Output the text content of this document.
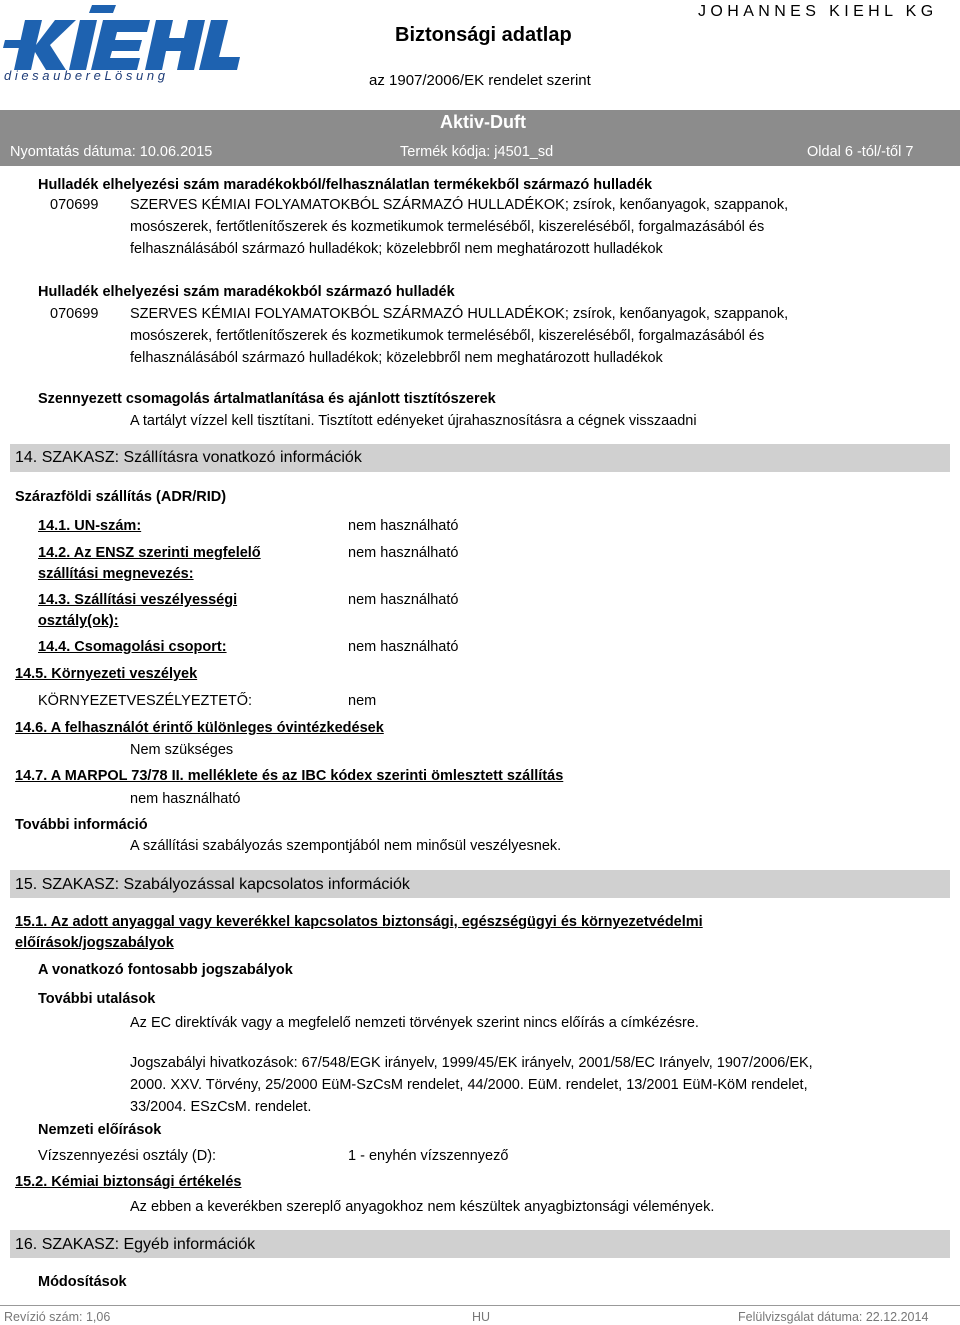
d i e s a u b e r e L ö s u n g
Biztonsági adatlap
az 1907/2006/EK rendelet szerint
JOHANNES KIEHL KG
Aktiv-Duft
Nyomtatás dátuma: 10.06.2015	Termék kódja: j4501_sd	Oldal 6 -tól/-től 7
Hulladék elhelyezési szám maradékokból/felhasználatlan termékekből származó hulladék
070699 SZERVES KÉMIAI FOLYAMATOKBÓL SZÁRMAZÓ HULLADÉKOK; zsírok, kenőanyagok, szappanok, mosószerek, fertőtlenítőszerek és kozmetikumok termeléséből, kiszereléséből, forgalmazásából és felhasználásából származó hulladékok; közelebbről nem meghatározott hulladékok
Hulladék elhelyezési szám maradékokból származó hulladék
070699 SZERVES KÉMIAI FOLYAMATOKBÓL SZÁRMAZÓ HULLADÉKOK; zsírok, kenőanyagok, szappanok, mosószerek, fertőtlenítőszerek és kozmetikumok termeléséből, kiszereléséből, forgalmazásából és felhasználásából származó hulladékok; közelebbről nem meghatározott hulladékok
Szennyezett csomagolás ártalmatlanítása és ajánlott tisztítószerek
A tartályt vízzel kell tisztítani. Tisztított edényeket újrahasznosításra a cégnek visszaadni
14. SZAKASZ: Szállításra vonatkozó információk
Szárazföldi szállítás (ADR/RID)
14.1. UN-szám:	nem használható
14.2. Az ENSZ szerinti megfelelő
szállítási megnevezés:
nem használható
14.3. Szállítási veszélyességi
osztály(ok):
nem használható
14.4. Csomagolási csoport:	nem használható
14.5. Környezeti veszélyek
KÖRNYEZETVESZÉLYEZTETŐ:	nem
14.6. A felhasználót érintő különleges óvintézkedések
Nem szükséges
14.7. A MARPOL 73/78 II. melléklete és az IBC kódex szerinti ömlesztett szállítás
nem használható
További információ
A szállítási szabályozás szempontjából nem minősül veszélyesnek.
15. SZAKASZ: Szabályozással kapcsolatos információk
15.1. Az adott anyaggal vagy keverékkel kapcsolatos biztonsági, egészségügyi és környezetvédelmi
előírások/jogszabályok
A vonatkozó fontosabb jogszabályok
További utalások
Az EC direktívák vagy a megfelelő nemzeti törvények szerint nincs előírás a címkézésre.
Jogszabályi hivatkozások: 67/548/EGK irányelv, 1999/45/EK irányelv, 2001/58/EC Irányelv, 1907/2006/EK, 2000. XXV. Törvény, 25/2000 EüM-SzCsM rendelet, 44/2000. EüM. rendelet, 13/2001 EüM-KöM rendelet, 33/2004. ESzCsM. rendelet.
Nemzeti előírások
Vízszennyezési osztály (D):	1 - enyhén vízszennyező
15.2. Kémiai biztonsági értékelés
Az ebben a keverékben szereplő anyagokhoz nem készültek anyagbiztonsági vélemények.
16. SZAKASZ: Egyéb információk
Módosítások
Revízió szám: 1,06	HU	Felülvizsgálat dátuma: 22.12.2014
